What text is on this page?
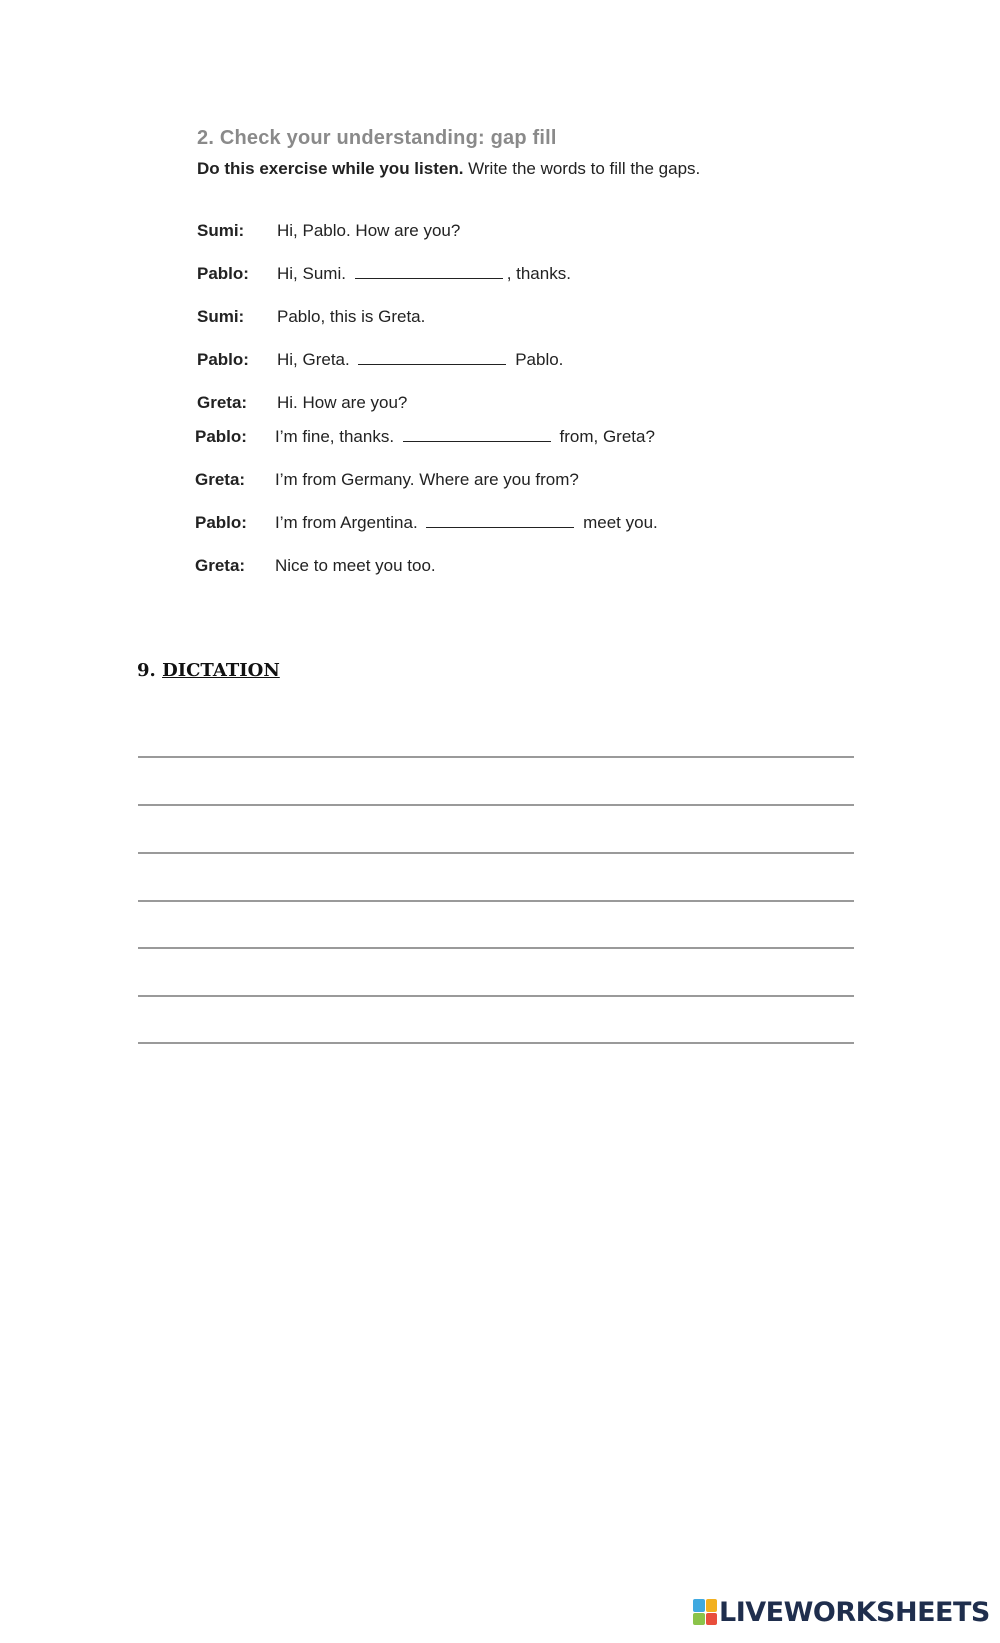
2. Check your understanding: gap fill
Do this exercise while you listen. Write the words to fill the gaps.
Sumi: Hi, Pablo. How are you?
Pablo: Hi, Sumi.	, thanks.
Sumi: Pablo, this is Greta.
Pablo: Hi, Greta.	Pablo.
Greta: Hi. How are you?
Pablo: I’m fine, thanks.	from, Greta?
Greta: I’m from Germany. Where are you from?
Pablo: I’m from Argentina.	meet you.
Greta: Nice to meet you too.
9. DICTATION
LIVEWORKSHEETS
